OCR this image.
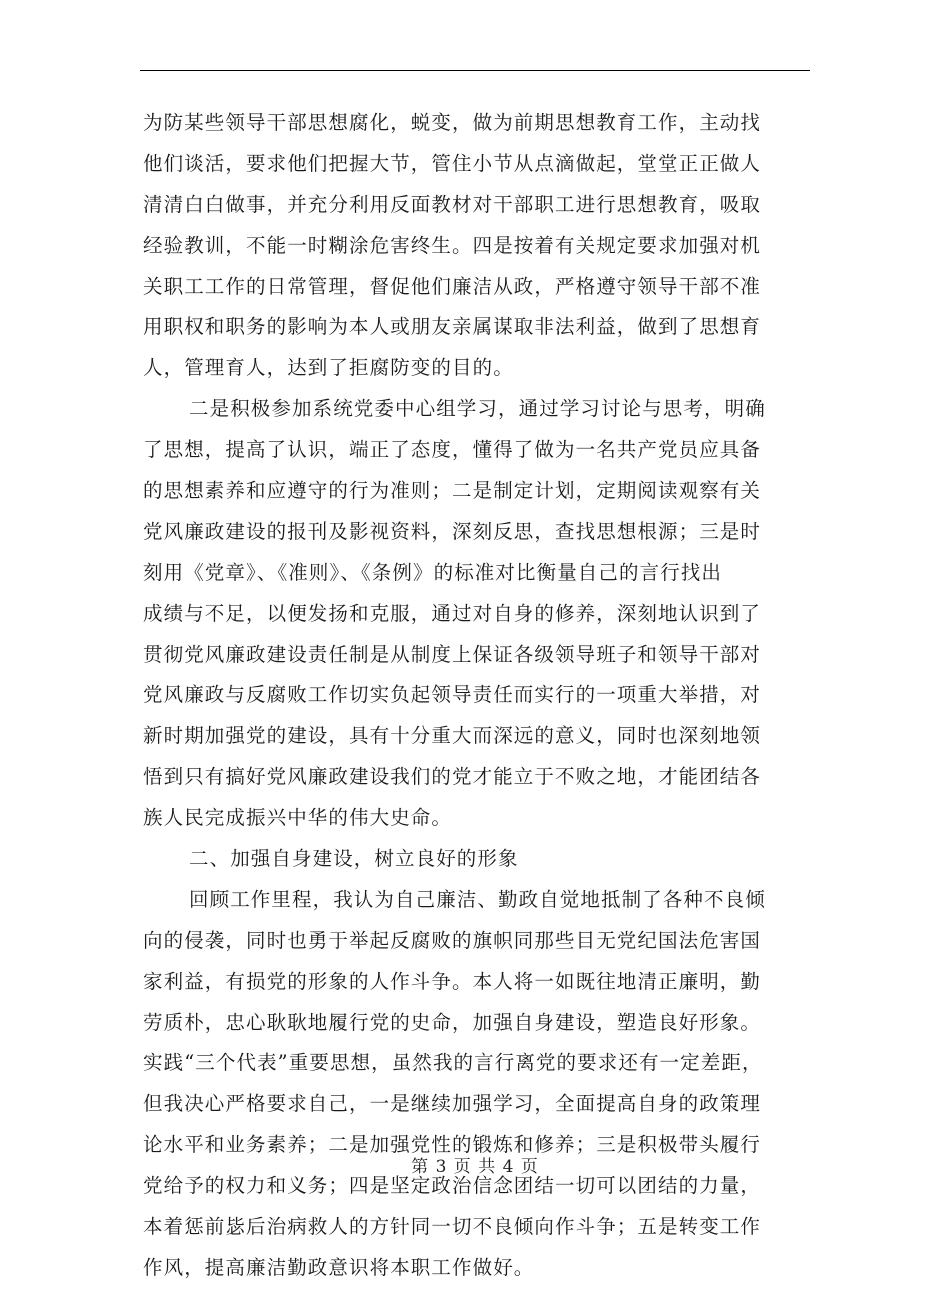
为防某些领导干部思想腐化，蜕变，做为前期思想教育工作，主动找
他们谈活，要求他们把握大节，管住小节从点滴做起，堂堂正正做人
清清白白做事，并充分利用反面教材对干部职工进行思想教育，吸取
经验教训，不能一时糊涂危害终生。四是按着有关规定要求加强对机
关职工工作的日常管理，督促他们廉洁从政，严格遵守领导干部不准
用职权和职务的影响为本人或朋友亲属谋取非法利益，做到了思想育
人，管理育人，达到了拒腐防变的目的。
二是积极参加系统党委中心组学习，通过学习讨论与思考，明确
了思想，提高了认识，端正了态度，懂得了做为一名共产党员应具备
的思想素养和应遵守的行为准则；二是制定计划，定期阅读观察有关
党风廉政建设的报刊及影视资料，深刻反思，查找思想根源；三是时
刻用《党章》、《准则》、《条例》的标准对比衡量自己的言行找出
成绩与不足，以便发扬和克服，通过对自身的修养，深刻地认识到了
贯彻党风廉政建设责任制是从制度上保证各级领导班子和领导干部对
党风廉政与反腐败工作切实负起领导责任而实行的一项重大举措，对
新时期加强党的建设，具有十分重大而深远的意义，同时也深刻地领
悟到只有搞好党风廉政建设我们的党才能立于不败之地，才能团结各
族人民完成振兴中华的伟大史命。
二、加强自身建设，树立良好的形象
回顾工作里程，我认为自己廉洁、勤政自觉地抵制了各种不良倾
向的侵袭，同时也勇于举起反腐败的旗帜同那些目无党纪国法危害国
家利益，有损党的形象的人作斗争。本人将一如既往地清正廉明，勤
劳质朴，忠心耿耿地履行党的史命，加强自身建设，塑造良好形象。
实践“三个代表”重要思想，虽然我的言行离党的要求还有一定差距，
但我决心严格要求自己，一是继续加强学习，全面提高自身的政策理
论水平和业务素养；二是加强党性的锻炼和修养；三是积极带头履行
党给予的权力和义务；四是坚定政治信念团结一切可以团结的力量，
本着惩前毖后治病救人的方针同一切不良倾向作斗争；五是转变工作
作风，提高廉洁勤政意识将本职工作做好。
第 3 页 共 4 页
